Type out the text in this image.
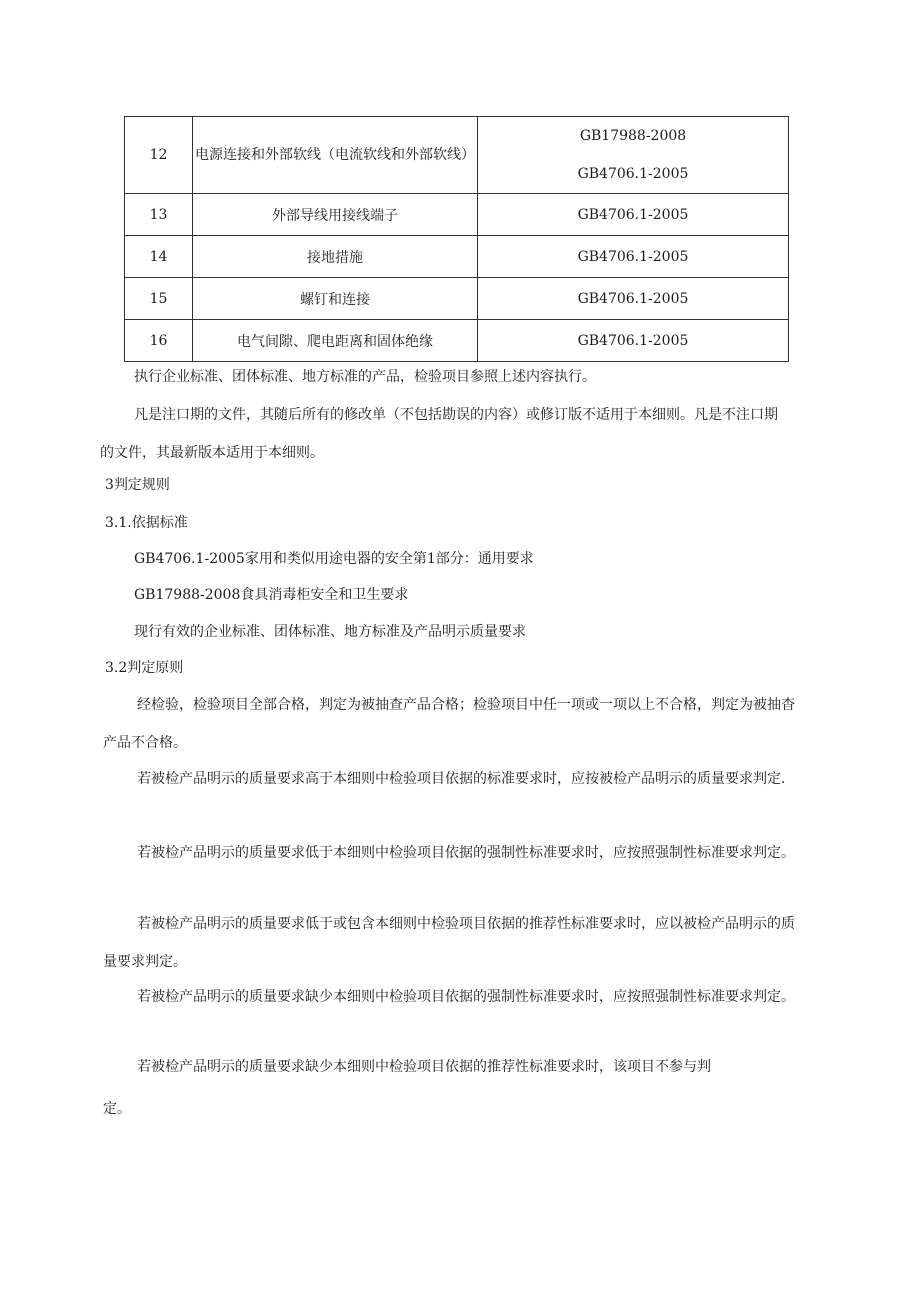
12	电源连接和外部软线（电流软线和外部软线）	GB17988-2008
GB4706.1-2005

13	外部导线用接线端子	GB4706.1-2005
14	接地措施	GB4706.1-2005
15	螺钉和连接	GB4706.1-2005
16	电气间隙、爬电距离和固体绝缘	GB4706.1-2005

执行企业标准、团体标准、地方标准的产品，检验项目参照上述内容执行。

凡是注口期的文件，其随后所有的修改单（不包括勘误的内容）或修订版不适用于本细则。凡是不注口期的文件，其最新版本适用于本细则。

3判定规则

3.1.依据标准

GB4706.1-2005家用和类似用途电器的安全第1部分：通用要求

GB17988-2008食具消毒柜安全和卫生要求

现行有效的企业标准、团体标准、地方标准及产品明示质量要求

3.2判定原则

经检验，检验项目全部合格，判定为被抽查产品合格；检验项目中任一项或一项以上不合格，判定为被抽杳产品不合格。

若被检产品明示的质量要求高于本细则中检验项目依据的标准要求时，应按被检产品明示的质量要求判定.

若被检产品明示的质量要求低于本细则中检验项目依据的强制性标准要求时，应按照强制性标准要求判定。

若被检产品明示的质量要求低于或包含本细则中检验项目依据的推荐性标准要求时，应以被检产品明示的质量要求判定。

若被检产品明示的质量要求缺少本细则中检验项目依据的强制性标准要求时，应按照强制性标准要求判定。

若被检产品明示的质量要求缺少本细则中检验项目依据的推荐性标准要求时，该项目不参与判

定。
